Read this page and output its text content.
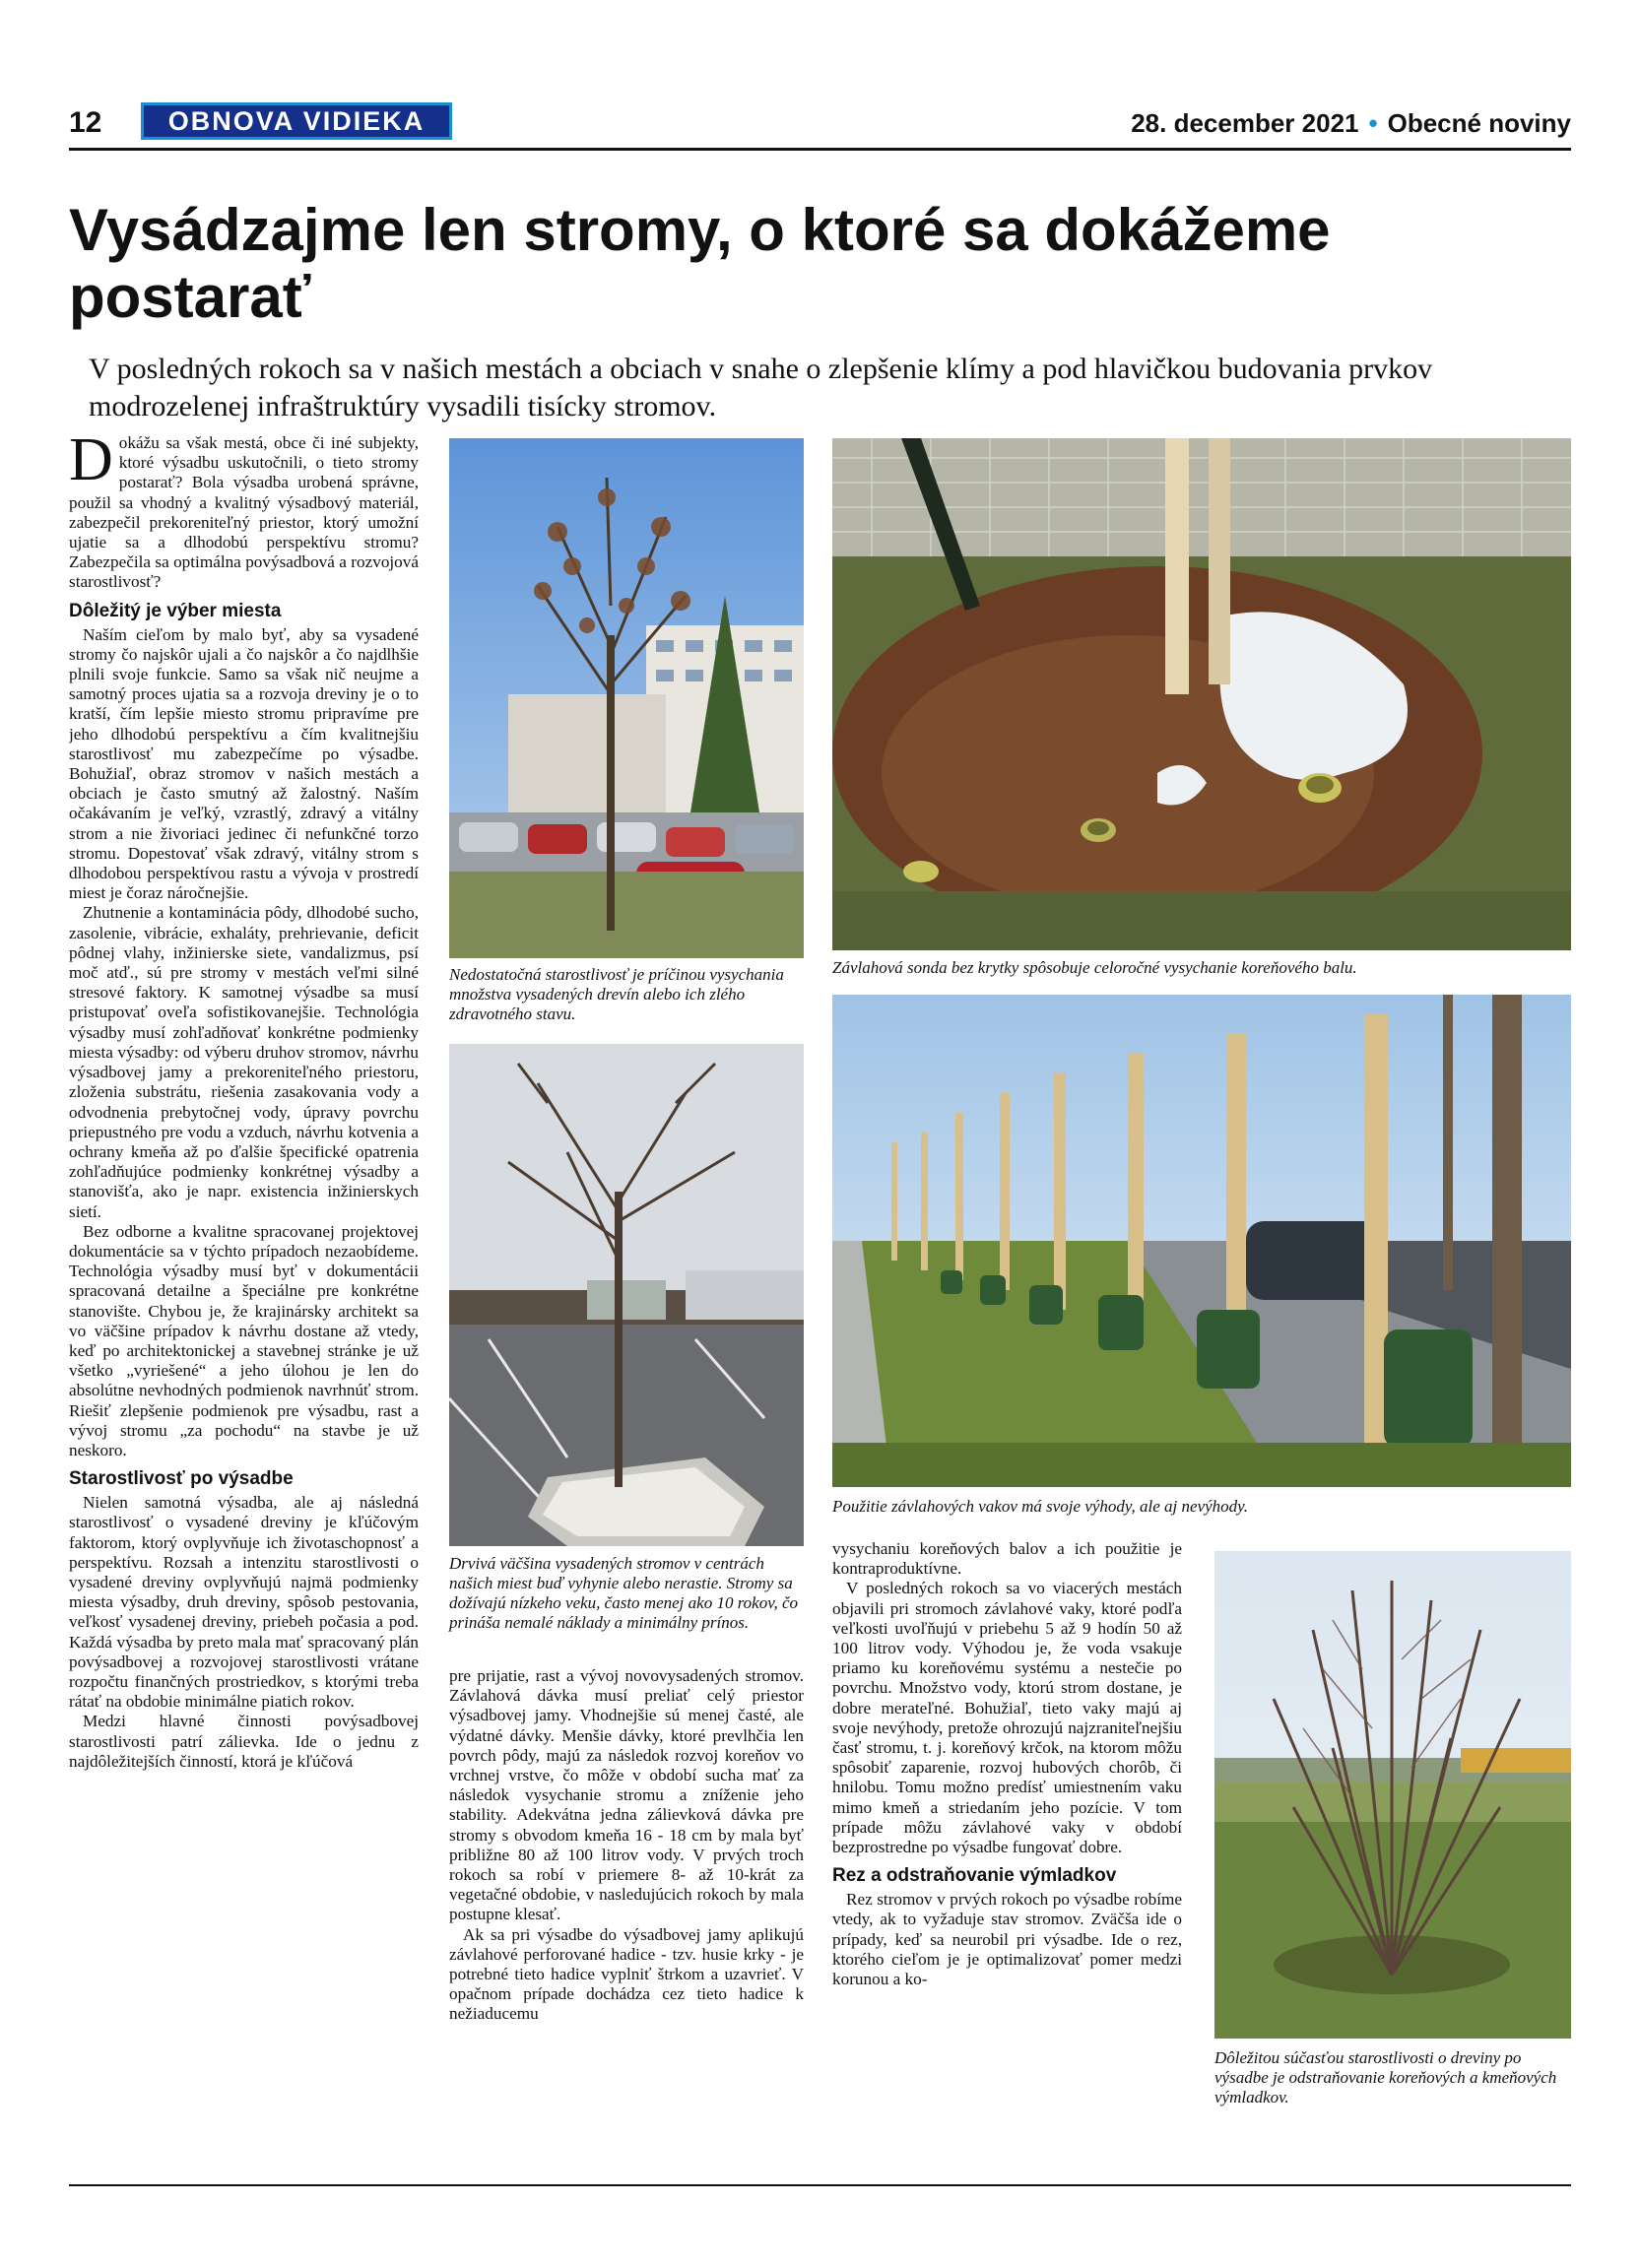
12	OBNOVA VIDIEKA	28. december 2021 • Obecné noviny
Vysádzajme len stromy, o ktoré sa dokážeme postarať
V posledných rokoch sa v našich mestách a obciach v snahe o zlepšenie klímy a pod hlavičkou budovania prvkov modrozelenej infraštruktúry vysadili tisícky stromov.

Dokážu sa však mestá, obce či iné subjekty, ktoré výsadbu uskutočnili, o tieto stromy postarať? Bola výsadba urobená správne, použil sa vhodný a kvalitný výsadbový materiál, zabezpečil prekoreniteľný priestor, ktorý umožní ujatie sa a dlhodobú perspektívu stromu? Zabezpečila sa optimálna povýsadbová a rozvojová starostlivosť?

Dôležitý je výber miesta

Naším cieľom by malo byť, aby sa vysadené stromy čo najskôr ujali a čo najskôr a čo najdlhšie plnili svoje funkcie. Samo sa však nič neujme a samotný proces ujatia sa a rozvoja dreviny je o to kratší, čím lepšie miesto stromu pripravíme pre jeho dlhodobú perspektívu a čím kvalitnejšiu starostlivosť mu zabezpečíme po výsadbe. Bohužiaľ, obraz stromov v našich mestách a obciach je často smutný až žalostný. Naším očakávaním je veľký, vzrastlý, zdravý a vitálny strom a nie živoriaci jedinec či nefunkčné torzo stromu. Dopestovať však zdravý, vitálny strom s dlhodobou perspektívou rastu a vývoja v prostredí miest je čoraz náročnejšie.

Zhutnenie a kontaminácia pôdy, dlhodobé sucho, zasolenie, vibrácie, exhaláty, prehrievanie, deficit pôdnej vlahy, inžinierske siete, vandalizmus, psí moč atď., sú pre stromy v mestách veľmi silné stresové faktory. K samotnej výsadbe sa musí pristupovať oveľa sofistikovanejšie. Technológia výsadby musí zohľadňovať konkrétne podmienky miesta výsadby: od výberu druhov stromov, návrhu výsadbovej jamy a prekoreniteľného priestoru, zloženia substrátu, riešenia zasakovania vody a odvodnenia prebytočnej vody, úpravy povrchu priepustného pre vodu a vzduch, návrhu kotvenia a ochrany kmeňa až po ďalšie špecifické opatrenia zohľadňujúce podmienky konkrétnej výsadby a stanovišťa, ako je napr. existencia inžinierskych sietí.

Bez odborne a kvalitne spracovanej projektovej dokumentácie sa v týchto prípadoch nezaobídeme. Technológia výsadby musí byť v dokumentácii spracovaná detailne a špeciálne pre konkrétne stanovište. Chybou je, že krajinársky architekt sa vo väčšine prípadov k návrhu dostane až vtedy, keď po architektonickej a stavebnej stránke je už všetko „vyriešené“ a jeho úlohou je len do absolútne nevhodných podmienok navrhnúť strom. Riešiť zlepšenie podmienok pre výsadbu, rast a vývoj stromu „za pochodu“ na stavbe je už neskoro.

Starostlivosť po výsadbe

Nielen samotná výsadba, ale aj následná starostlivosť o vysadené dreviny je kľúčovým faktorom, ktorý ovplyvňuje ich životaschopnosť a perspektívu. Rozsah a intenzitu starostlivosti o vysadené dreviny ovplyvňujú najmä podmienky miesta výsadby, druh dreviny, spôsob pestovania, veľkosť vysadenej dreviny, priebeh počasia a pod. Každá výsadba by preto mala mať spracovaný plán povýsadbovej a rozvojovej starostlivosti vrátane rozpočtu finančných prostriedkov, s ktorými treba rátať na obdobie minimálne piatich rokov.

Medzi hlavné činnosti povýsadbovej starostlivosti patrí zálievka. Ide o jednu z najdôležitejších činností, ktorá je kľúčová

Nedostatočná starostlivosť je príčinou vysychania množstva vysadených drevín alebo ich zlého zdravotného stavu.
Závlahová sonda bez krytky spôsobuje celoročné vysychanie koreňového balu.
Drvivá väčšina vysadených stromov v centrách našich miest buď vyhynie alebo nerastie. Stromy sa dožívajú nízkeho veku, často menej ako 10 rokov, čo prináša nemalé náklady a minimálny prínos.

pre prijatie, rast a vývoj novovysadených stromov. Závlahová dávka musí preliať celý priestor výsadbovej jamy. Vhodnejšie sú menej časté, ale výdatné dávky. Menšie dávky, ktoré prevlhčia len povrch pôdy, majú za následok rozvoj koreňov vo vrchnej vrstve, čo môže v období sucha mať za následok vysychanie stromu a zníženie jeho stability. Adekvátna jedna zálievková dávka pre stromy s obvodom kmeňa 16 - 18 cm by mala byť približne 80 až 100 litrov vody. V prvých troch rokoch sa robí v priemere 8- až 10-krát za vegetačné obdobie, v nasledujúcich rokoch by mala postupne klesať.

Ak sa pri výsadbe do výsadbovej jamy aplikujú závlahové perforované hadice - tzv. husie krky - je potrebné tieto hadice vyplniť štrkom a uzavrieť. V opačnom prípade dochádza cez tieto hadice k nežiaducemu

Použitie závlahových vakov má svoje výhody, ale aj nevýhody.

vysychaniu koreňových balov a ich použitie je kontraproduktívne.

V posledných rokoch sa vo viacerých mestách objavili pri stromoch závlahové vaky, ktoré podľa veľkosti uvoľňujú v priebehu 5 až 9 hodín 50 až 100 litrov vody. Výhodou je, že voda vsakuje priamo ku koreňovému systému a nestečie po povrchu. Množstvo vody, ktorú strom dostane, je dobre merateľné. Bohužiaľ, tieto vaky majú aj svoje nevýhody, pretože ohrozujú najzraniteľnejšiu časť stromu, t. j. koreňový krčok, na ktorom môžu spôsobiť zaparenie, rozvoj hubových chorôb, či hnilobu. Tomu možno predísť umiestnením vaku mimo kmeň a striedaním jeho pozície. V tom prípade môžu závlahové vaky v období bezprostredne po výsadbe fungovať dobre.

Rez a odstraňovanie výmladkov

Rez stromov v prvých rokoch po výsadbe robíme vtedy, ak to vyžaduje stav stromov. Zväčša ide o prípady, keď sa neurobil pri výsadbe. Ide o rez, ktorého cieľom je je optimalizovať pomer medzi korunou a ko-

Dôležitou súčasťou starostlivosti o dreviny po výsadbe je odstraňovanie koreňových a kmeňových výmladkov.
